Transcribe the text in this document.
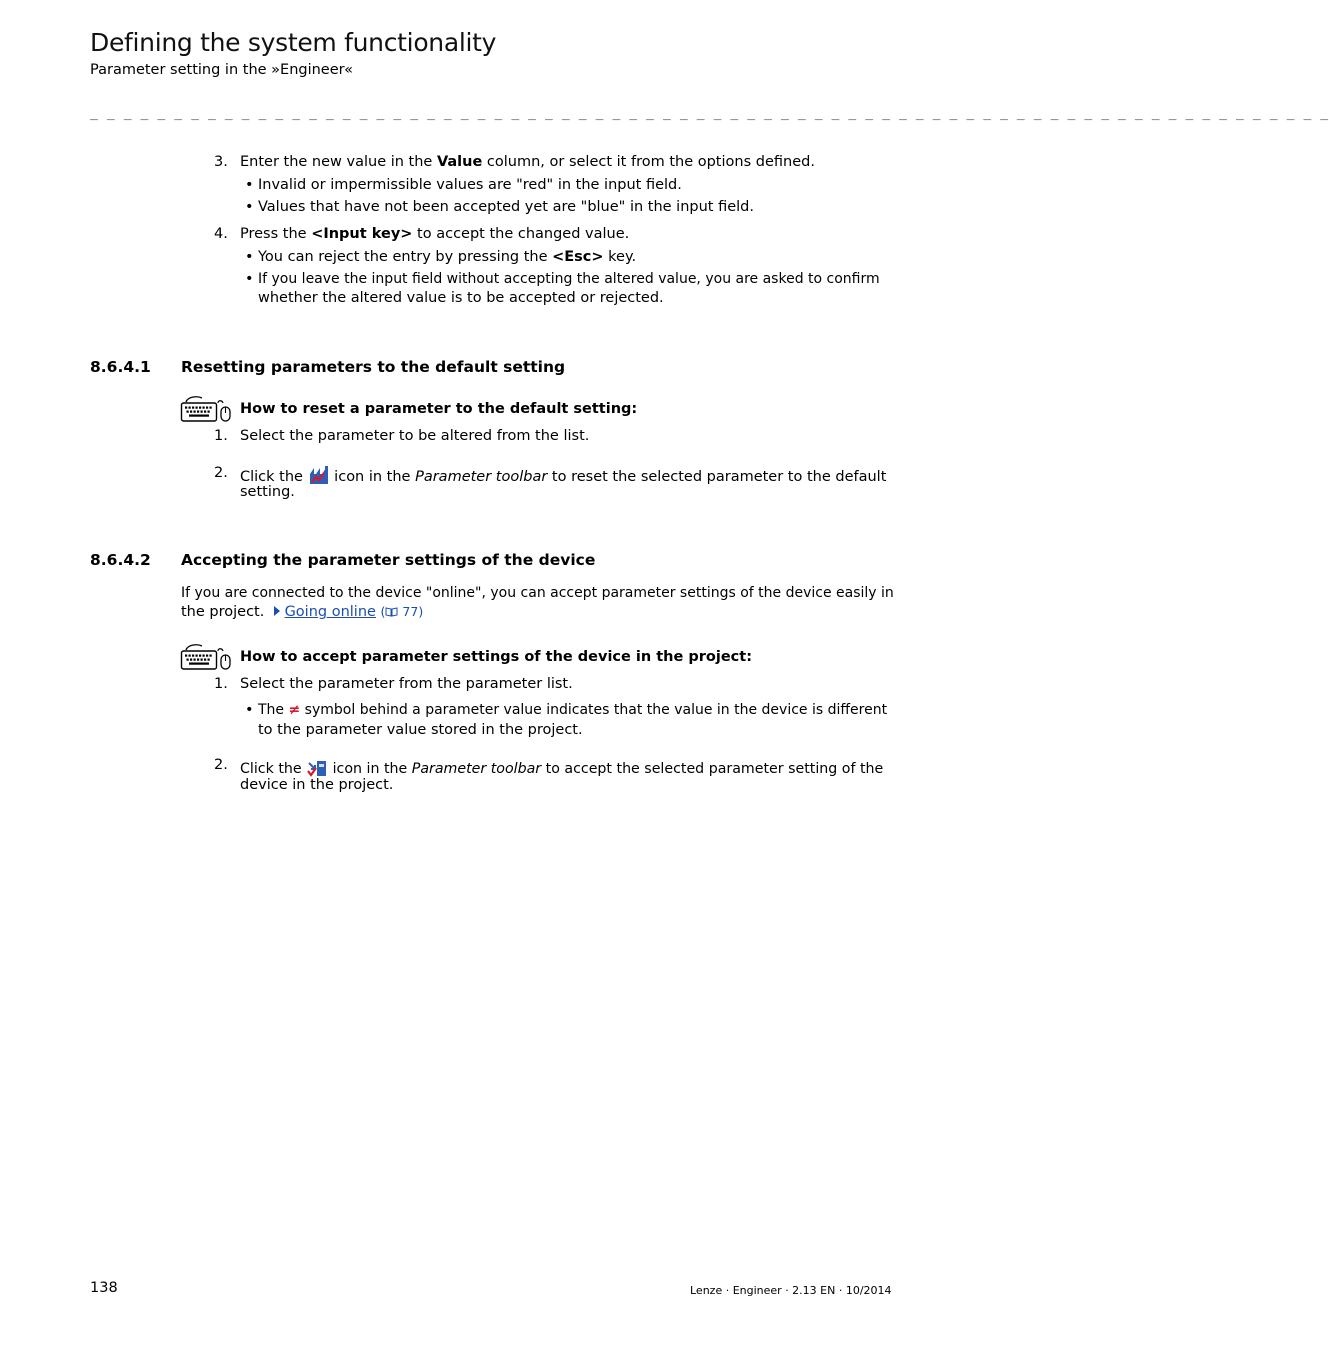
Defining the system functionality
Parameter setting in the »Engineer«
_ _ _ _ _ _ _ _ _ _ _ _ _ _ _ _ _ _ _ _ _ _ _ _ _ _ _ _ _ _ _ _ _ _ _ _ _ _ _ _ _ _ _ _ _ _ _ _ _ _ _ _ _ _ _ _ _ _ _ _ _ _ _ _ _ _ _ _ _ _ _ _ _ _
3. Enter the new value in the Value column, or select it from the options defined.
• Invalid or impermissible values are "red" in the input field.
• Values that have not been accepted yet are "blue" in the input field.
4. Press the <Input key> to accept the changed value.
• You can reject the entry by pressing the <Esc> key.
• If you leave the input field without accepting the altered value, you are asked to confirm
whether the altered value is to be accepted or rejected.
8.6.4.1 Resetting parameters to the default setting
How to reset a parameter to the default setting:
1. Select the parameter to be altered from the list.
2. Click the  icon in the Parameter toolbar to reset the selected parameter to the default
setting.
8.6.4.2 Accepting the parameter settings of the device
If you are connected to the device "online", you can accept parameter settings of the device easily in
the project. Going online ( 77)
How to accept parameter settings of the device in the project:
1. Select the parameter from the parameter list.
• The ≠ symbol behind a parameter value indicates that the value in the device is different
to the parameter value stored in the project.
2. Click the  icon in the Parameter toolbar to accept the selected parameter setting of the
device in the project.
138	Lenze · Engineer · 2.13 EN · 10/2014
